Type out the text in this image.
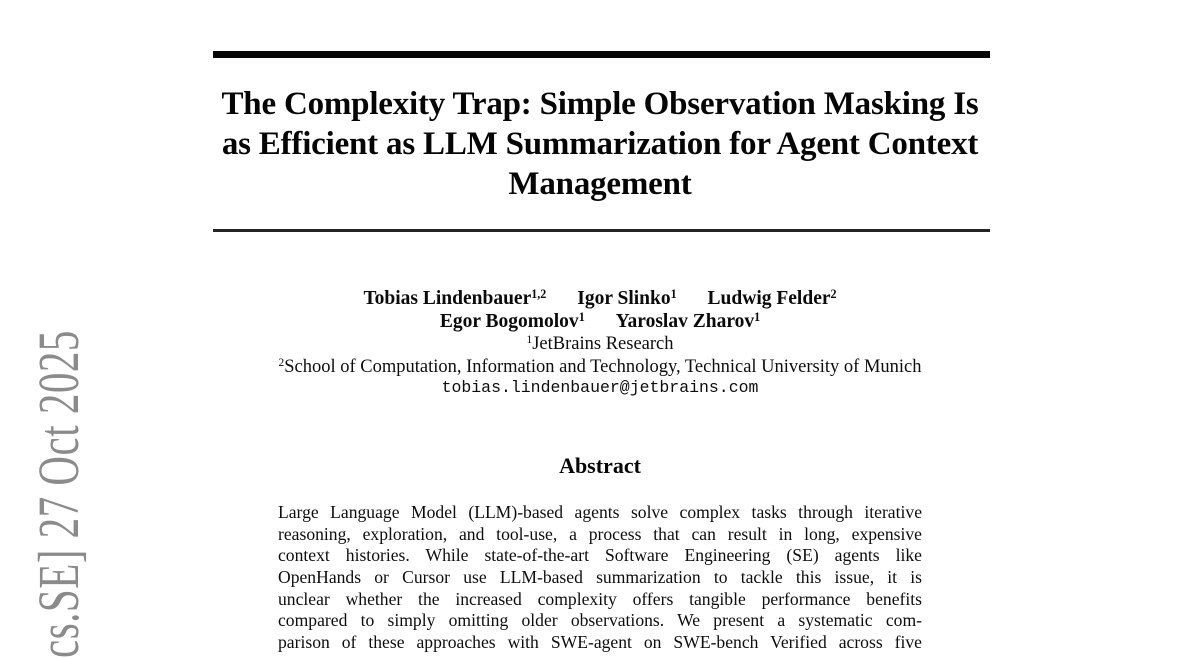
cs.SE] 27 Oct 2025
The Complexity Trap: Simple Observation Masking Is
as Efficient as LLM Summarization for Agent Context
Management
Tobias Lindenbauer$^{1,2}$ Igor Slinko$^1$ Ludwig Felder$^2$
Egor Bogomolov$^1$ Yaroslav Zharov$^1$
$^1$JetBrains Research
$^2$School of Computation, Information and Technology, Technical University of Munich
tobias.lindenbauer@jetbrains.com
Abstract
Large Language Model (LLM)-based agents solve complex tasks through iterative
reasoning, exploration, and tool-use, a process that can result in long, expensive
context histories. While state-of-the-art Software Engineering (SE) agents like
OpenHands or Cursor use LLM-based summarization to tackle this issue, it is
unclear whether the increased complexity offers tangible performance benefits
compared to simply omitting older observations. We present a systematic com-
parison of these approaches with SWE-agent on SWE-bench Verified across five
